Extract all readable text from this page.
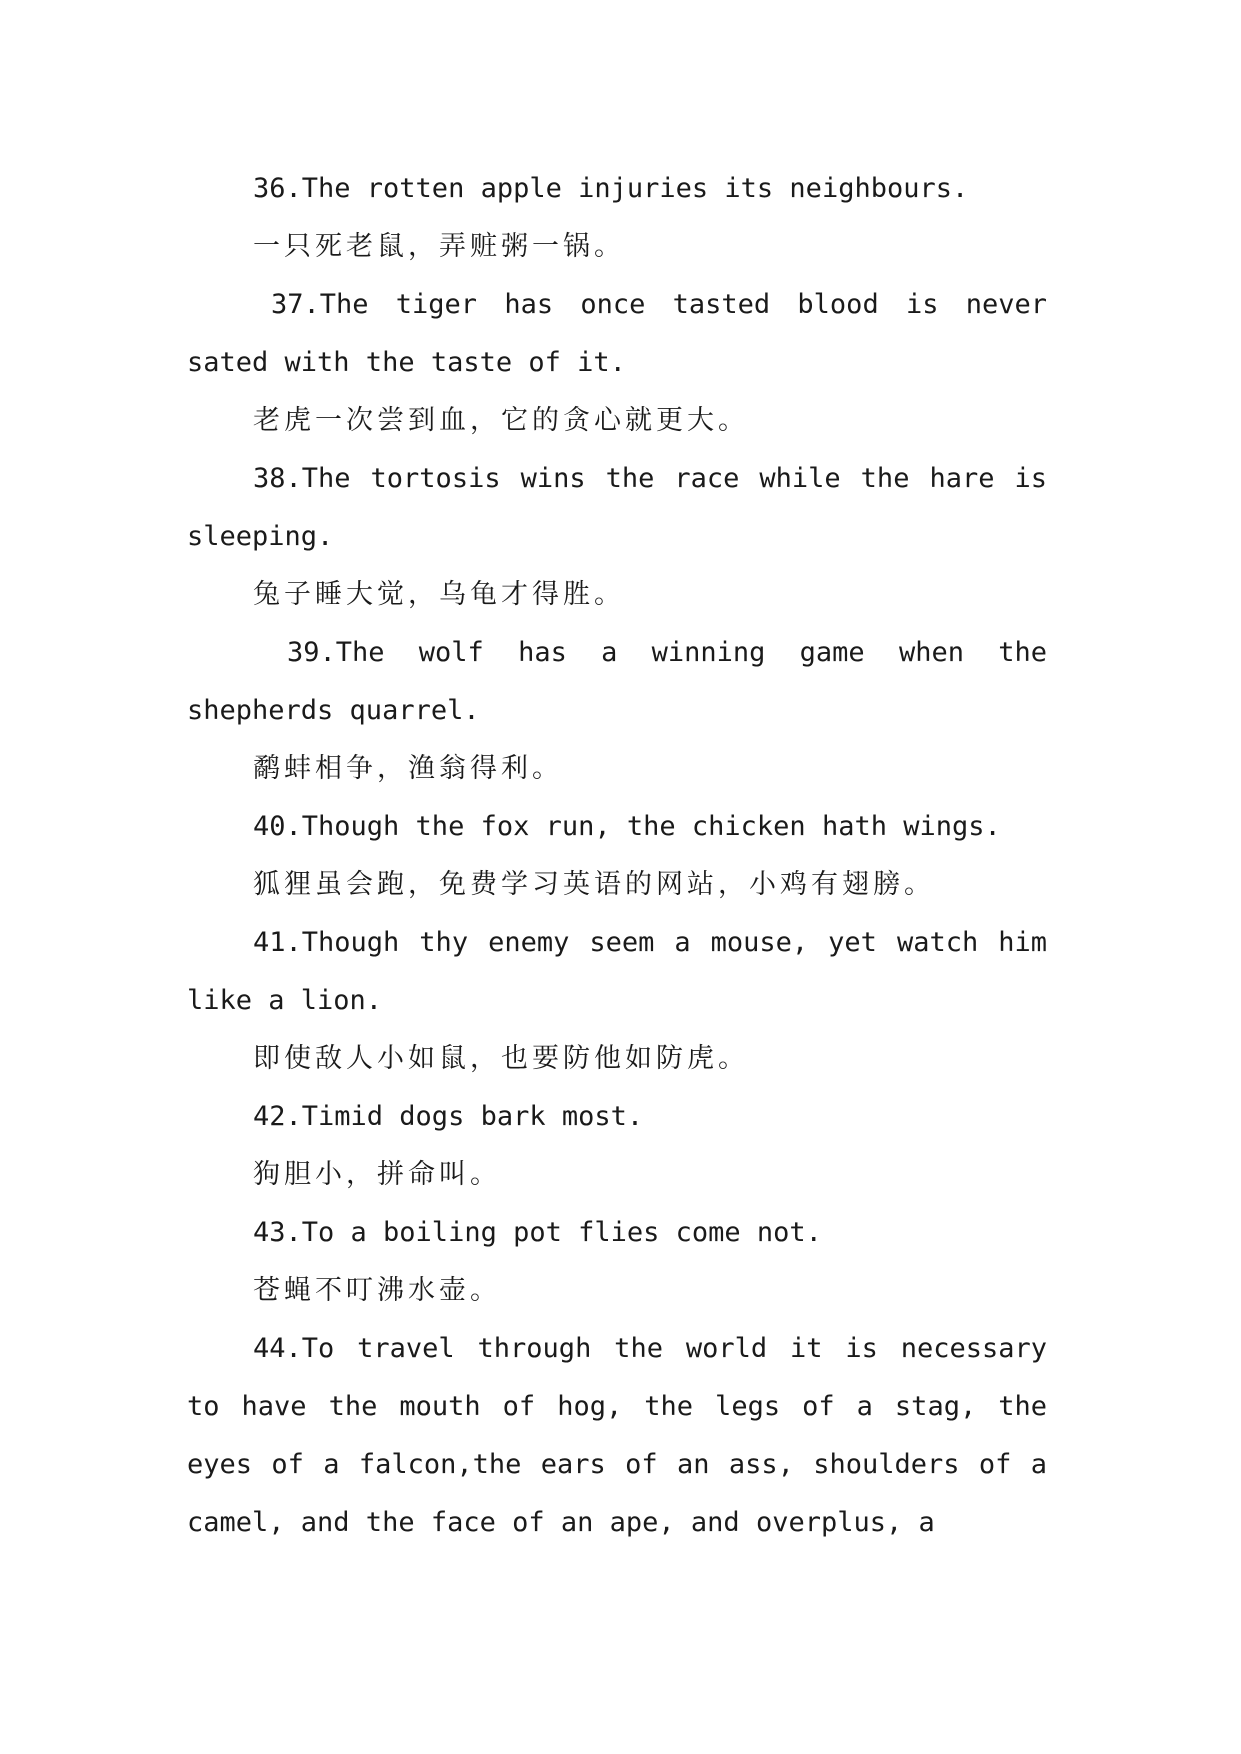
36.The rotten apple injuries its neighbours.

一只死老鼠，弄赃粥一锅。

37.The tiger has once tasted blood is never sated with the taste of it.

老虎一次尝到血，它的贪心就更大。

38.The tortosis wins the race while the hare is sleeping.

兔子睡大觉，乌龟才得胜。

39.The wolf has a winning game when the shepherds quarrel.

鹬蚌相争，渔翁得利。

40.Though the fox run, the chicken hath wings.

狐狸虽会跑，免费学习英语的网站，小鸡有翅膀。

41.Though thy enemy seem a mouse, yet watch him like a lion.

即使敌人小如鼠，也要防他如防虎。

42.Timid dogs bark most.

狗胆小，拼命叫。

43.To a boiling pot flies come not.

苍蝇不叮沸水壶。

44.To travel through the world it is necessary to have the mouth of hog, the legs of a stag, the eyes of a falcon,the ears of an ass, shoulders of a camel, and the face of an ape, and overplus, a
